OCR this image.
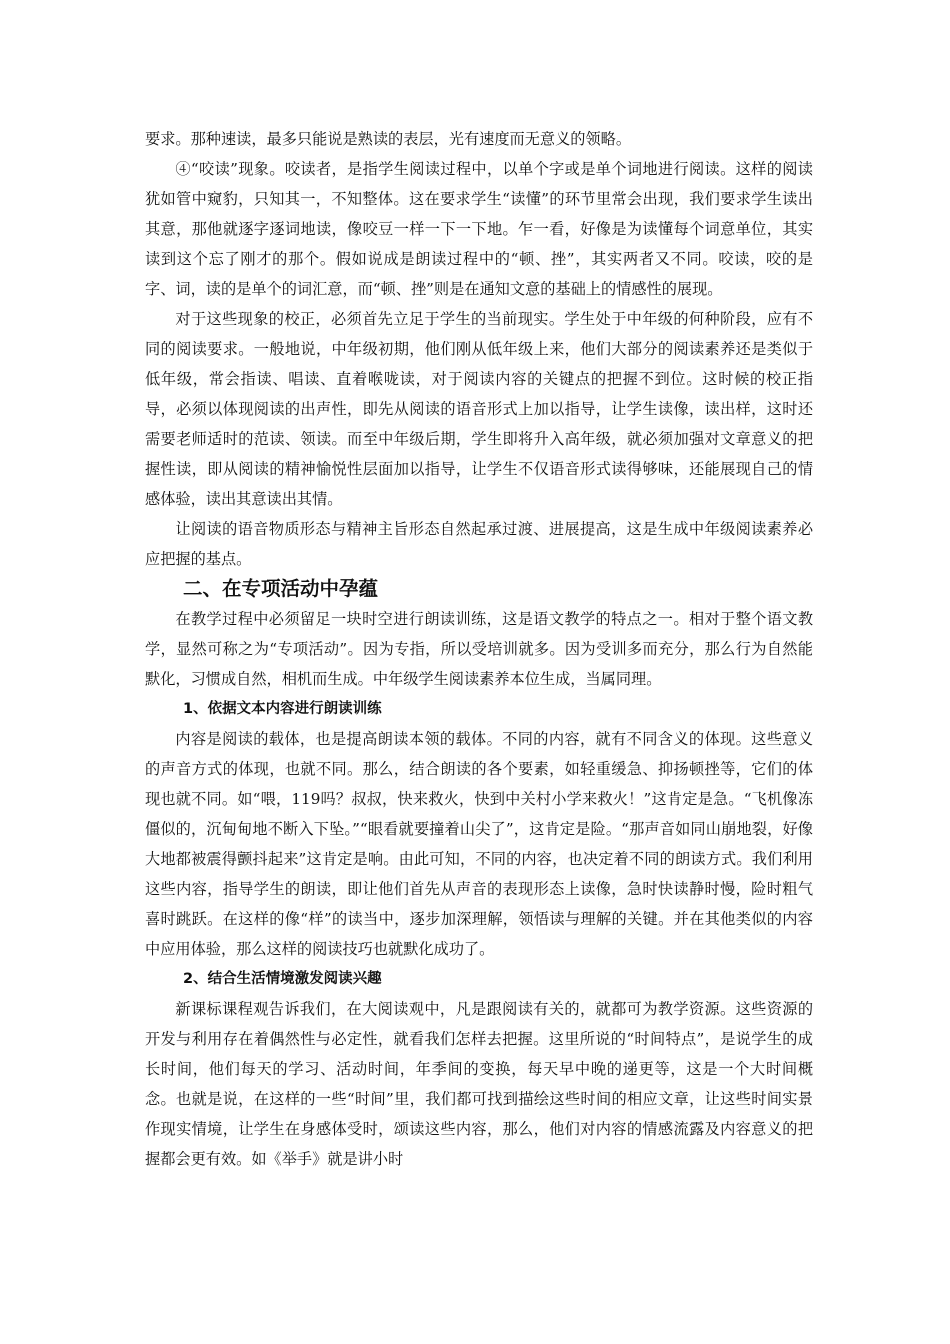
要求。那种速读，最多只能说是熟读的表层，光有速度而无意义的领略。

④“咬读”现象。咬读者，是指学生阅读过程中，以单个字或是单个词地进行阅读。这样的阅读犹如管中窥豹，只知其一，不知整体。这在要求学生“读懂”的环节里常会出现，我们要求学生读出其意，那他就逐字逐词地读，像咬豆一样一下一下地。乍一看，好像是为读懂每个词意单位，其实读到这个忘了刚才的那个。假如说成是朗读过程中的“顿、挫”，其实两者又不同。咬读，咬的是字、词，读的是单个的词汇意，而“顿、挫”则是在通知文意的基础上的情感性的展现。

对于这些现象的校正，必须首先立足于学生的当前现实。学生处于中年级的何种阶段，应有不同的阅读要求。一般地说，中年级初期，他们刚从低年级上来，他们大部分的阅读素养还是类似于低年级，常会指读、唱读、直着喉咙读，对于阅读内容的关键点的把握不到位。这时候的校正指导，必须以体现阅读的出声性，即先从阅读的语音形式上加以指导，让学生读像，读出样，这时还需要老师适时的范读、领读。而至中年级后期，学生即将升入高年级，就必须加强对文章意义的把握性读，即从阅读的精神愉悦性层面加以指导，让学生不仅语音形式读得够味，还能展现自己的情感体验，读出其意读出其情。

让阅读的语音物质形态与精神主旨形态自然起承过渡、进展提高，这是生成中年级阅读素养必应把握的基点。

二、在专项活动中孕蕴

在教学过程中必须留足一块时空进行朗读训练，这是语文教学的特点之一。相对于整个语文教学，显然可称之为“专项活动”。因为专指，所以受培训就多。因为受训多而充分，那么行为自然能默化，习惯成自然，相机而生成。中年级学生阅读素养本位生成，当属同理。

1、依据文本内容进行朗读训练

内容是阅读的载体，也是提高朗读本领的载体。不同的内容，就有不同含义的体现。这些意义的声音方式的体现，也就不同。那么，结合朗读的各个要素，如轻重缓急、抑扬顿挫等，它们的体现也就不同。如“喂，119吗？叔叔，快来救火，快到中关村小学来救火！”这肯定是急。“飞机像冻僵似的，沉甸甸地不断入下坠。”“眼看就要撞着山尖了”，这肯定是险。“那声音如同山崩地裂，好像大地都被震得颤抖起来”这肯定是响。由此可知，不同的内容，也决定着不同的朗读方式。我们利用这些内容，指导学生的朗读，即让他们首先从声音的表现形态上读像，急时快读静时慢，险时粗气喜时跳跃。在这样的像“样”的读当中，逐步加深理解，领悟读与理解的关键。并在其他类似的内容中应用体验，那么这样的阅读技巧也就默化成功了。

2、结合生活情境激发阅读兴趣

新课标课程观告诉我们，在大阅读观中，凡是跟阅读有关的，就都可为教学资源。这些资源的开发与利用存在着偶然性与必定性，就看我们怎样去把握。这里所说的“时间特点”，是说学生的成长时间，他们每天的学习、活动时间，年季间的变换，每天早中晚的递更等，这是一个大时间概念。也就是说，在这样的一些“时间”里，我们都可找到描绘这些时间的相应文章，让这些时间实景作现实情境，让学生在身感体受时，颂读这些内容，那么，他们对内容的情感流露及内容意义的把握都会更有效。如《举手》就是讲小时
